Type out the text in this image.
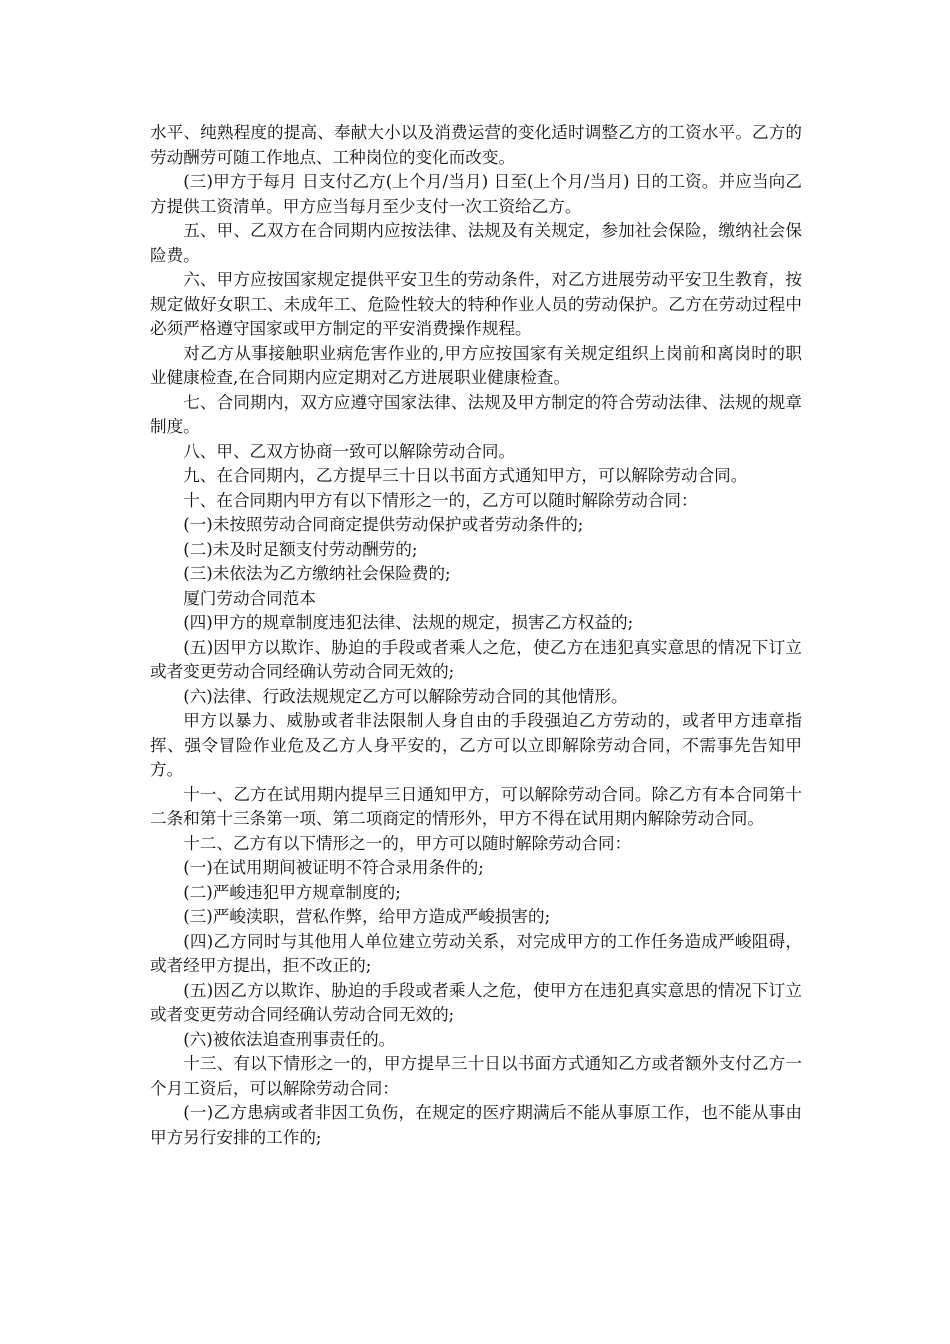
水平、纯熟程度的提高、奉献大小以及消费运营的变化适时调整乙方的工资水平。乙方的劳动酬劳可随工作地点、工种岗位的变化而改变。

(三)甲方于每月 日支付乙方(上个月/当月) 日至(上个月/当月) 日的工资。并应当向乙方提供工资清单。甲方应当每月至少支付一次工资给乙方。

五、甲、乙双方在合同期内应按法律、法规及有关规定，参加社会保险，缴纳社会保险费。

六、甲方应按国家规定提供平安卫生的劳动条件，对乙方进展劳动平安卫生教育，按规定做好女职工、未成年工、危险性较大的特种作业人员的劳动保护。乙方在劳动过程中必须严格遵守国家或甲方制定的平安消费操作规程。

对乙方从事接触职业病危害作业的,甲方应按国家有关规定组织上岗前和离岗时的职业健康检查,在合同期内应定期对乙方进展职业健康检查。

七、合同期内，双方应遵守国家法律、法规及甲方制定的符合劳动法律、法规的规章制度。

八、甲、乙双方协商一致可以解除劳动合同。

九、在合同期内，乙方提早三十日以书面方式通知甲方，可以解除劳动合同。

十、在合同期内甲方有以下情形之一的，乙方可以随时解除劳动合同：

(一)未按照劳动合同商定提供劳动保护或者劳动条件的;

(二)未及时足额支付劳动酬劳的;

(三)未依法为乙方缴纳社会保险费的;

厦门劳动合同范本

(四)甲方的规章制度违犯法律、法规的规定，损害乙方权益的;

(五)因甲方以欺诈、胁迫的手段或者乘人之危，使乙方在违犯真实意思的情况下订立或者变更劳动合同经确认劳动合同无效的;

(六)法律、行政法规规定乙方可以解除劳动合同的其他情形。

甲方以暴力、威胁或者非法限制人身自由的手段强迫乙方劳动的，或者甲方违章指挥、强令冒险作业危及乙方人身平安的，乙方可以立即解除劳动合同，不需事先告知甲方。

十一、乙方在试用期内提早三日通知甲方，可以解除劳动合同。除乙方有本合同第十二条和第十三条第一项、第二项商定的情形外，甲方不得在试用期内解除劳动合同。

十二、乙方有以下情形之一的，甲方可以随时解除劳动合同：

(一)在试用期间被证明不符合录用条件的;

(二)严峻违犯甲方规章制度的;

(三)严峻渎职，营私作弊，给甲方造成严峻损害的;

(四)乙方同时与其他用人单位建立劳动关系，对完成甲方的工作任务造成严峻阻碍，或者经甲方提出，拒不改正的;

(五)因乙方以欺诈、胁迫的手段或者乘人之危，使甲方在违犯真实意思的情况下订立或者变更劳动合同经确认劳动合同无效的;

(六)被依法追查刑事责任的。

十三、有以下情形之一的，甲方提早三十日以书面方式通知乙方或者额外支付乙方一个月工资后，可以解除劳动合同：

(一)乙方患病或者非因工负伤，在规定的医疗期满后不能从事原工作，也不能从事由甲方另行安排的工作的;
